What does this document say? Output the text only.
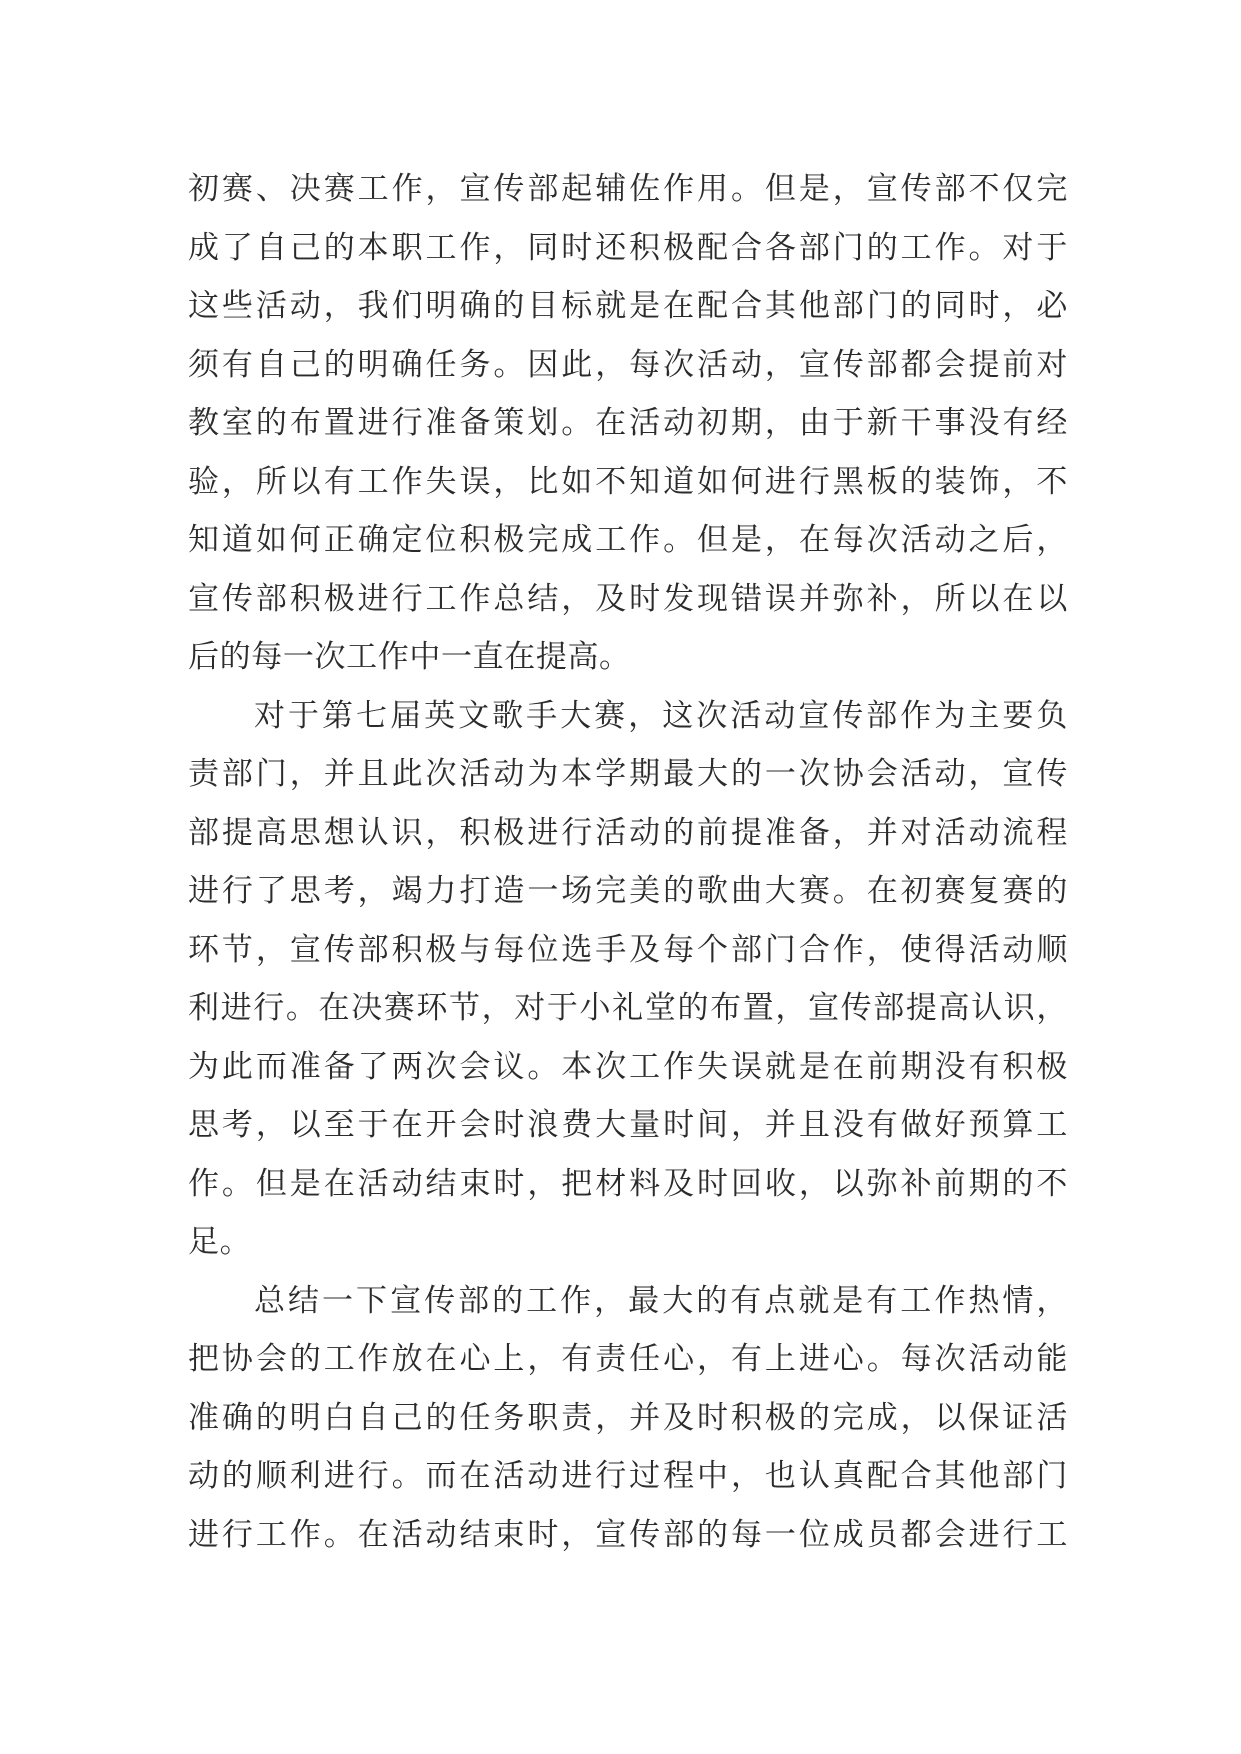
初赛、决赛工作，宣传部起辅佐作用。但是，宣传部不仅完
成了自己的本职工作，同时还积极配合各部门的工作。对于
这些活动，我们明确的目标就是在配合其他部门的同时，必
须有自己的明确任务。因此，每次活动，宣传部都会提前对
教室的布置进行准备策划。在活动初期，由于新干事没有经
验，所以有工作失误，比如不知道如何进行黑板的装饰，不
知道如何正确定位积极完成工作。但是，在每次活动之后，
宣传部积极进行工作总结，及时发现错误并弥补，所以在以
后的每一次工作中一直在提高。
对于第七届英文歌手大赛，这次活动宣传部作为主要负
责部门，并且此次活动为本学期最大的一次协会活动，宣传
部提高思想认识，积极进行活动的前提准备，并对活动流程
进行了思考，竭力打造一场完美的歌曲大赛。在初赛复赛的
环节，宣传部积极与每位选手及每个部门合作，使得活动顺
利进行。在决赛环节，对于小礼堂的布置，宣传部提高认识，
为此而准备了两次会议。本次工作失误就是在前期没有积极
思考，以至于在开会时浪费大量时间，并且没有做好预算工
作。但是在活动结束时，把材料及时回收，以弥补前期的不
足。
总结一下宣传部的工作，最大的有点就是有工作热情，
把协会的工作放在心上，有责任心，有上进心。每次活动能
准确的明白自己的任务职责，并及时积极的完成，以保证活
动的顺利进行。而在活动进行过程中，也认真配合其他部门
进行工作。在活动结束时，宣传部的每一位成员都会进行工
